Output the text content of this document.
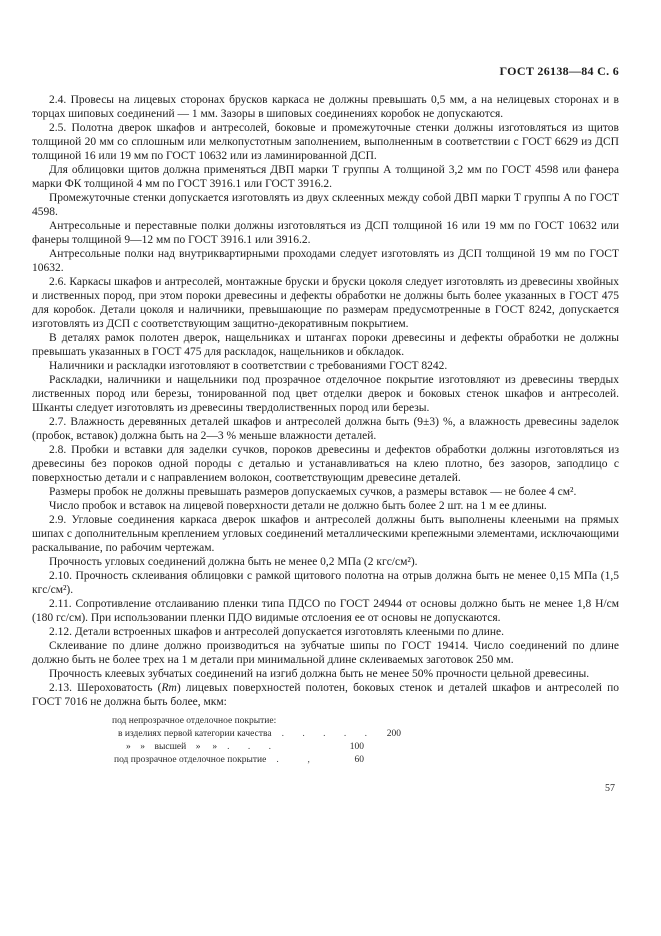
ГОСТ 26138—84 С. 6

2.4. Провесы на лицевых сторонах брусков каркаса не должны превышать 0,5 мм, а на нелицевых сторонах и в торцах шиповых соединений — 1 мм. Зазоры в шиповых соединениях коробок не допускаются.

2.5. Полотна дверок шкафов и антресолей, боковые и промежуточные стенки должны изготовляться из щитов толщиной 20 мм со сплошным или мелкопустотным заполнением, выполненным в соответствии с ГОСТ 6629 из ДСП толщиной 16 или 19 мм по ГОСТ 10632 или из ламинированной ДСП.

Для облицовки щитов должна применяться ДВП марки Т группы А толщиной 3,2 мм по ГОСТ 4598 или фанера марки ФК толщиной 4 мм по ГОСТ 3916.1 или ГОСТ 3916.2.

Промежуточные стенки допускается изготовлять из двух склеенных между собой ДВП марки Т группы А по ГОСТ 4598.

Антресольные и переставные полки должны изготовляться из ДСП толщиной 16 или 19 мм по ГОСТ 10632 или фанеры толщиной 9—12 мм по ГОСТ 3916.1 или 3916.2.

Антресольные полки над внутриквартирными проходами следует изготовлять из ДСП толщиной 19 мм по ГОСТ 10632.

2.6. Каркасы шкафов и антресолей, монтажные бруски и бруски цоколя следует изготовлять из древесины хвойных и лиственных пород, при этом пороки древесины и дефекты обработки не должны быть более указанных в ГОСТ 475 для коробок. Детали цоколя и наличники, превышающие по размерам предусмотренные в ГОСТ 8242, допускается изготовлять из ДСП с соответствующим защитно-декоративным покрытием.

В деталях рамок полотен дверок, нащельниках и штангах пороки древесины и дефекты обработки не должны превышать указанных в ГОСТ 475 для раскладок, нащельников и обкладок.

Наличники и раскладки изготовляют в соответствии с требованиями ГОСТ 8242.

Раскладки, наличники и нащельники под прозрачное отделочное покрытие изготовляют из древесины твердых лиственных пород или березы, тонированной под цвет отделки дверок и боковых стенок шкафов и антресолей. Шканты следует изготовлять из древесины твердолиственных пород или березы.

2.7. Влажность деревянных деталей шкафов и антресолей должна быть (9±3) %, а влажность древесины заделок (пробок, вставок) должна быть на 2—3 % меньше влажности деталей.

2.8. Пробки и вставки для заделки сучков, пороков древесины и дефектов обработки должны изготовляться из древесины без пороков одной породы с деталью и устанавливаться на клею плотно, без зазоров, заподлицо с поверхностью детали и с направлением волокон, соответствующим древесине деталей.

Размеры пробок не должны превышать размеров допускаемых сучков, а размеры вставок — не более 4 см².

Число пробок и вставок на лицевой поверхности детали не должно быть более 2 шт. на 1 м ее длины.

2.9. Угловые соединения каркаса дверок шкафов и антресолей должны быть выполнены клееными на прямых шипах с дополнительным креплением угловых соединений металлическими крепежными элементами, исключающими раскалывание, по рабочим чертежам.

Прочность угловых соединений должна быть не менее 0,2 МПа (2 кгс/см²).

2.10. Прочность склеивания облицовки с рамкой щитового полотна на отрыв должна быть не менее 0,15 МПа (1,5 кгс/см²).

2.11. Сопротивление отслаиванию пленки типа ПДСО по ГОСТ 24944 от основы должно быть не менее 1,8 Н/см (180 гс/см). При использовании пленки ПДО видимые отслоения ее от основы не допускаются.

2.12. Детали встроенных шкафов и антресолей допускается изготовлять клееными по длине.

Склеивание по длине должно производиться на зубчатые шипы по ГОСТ 19414. Число соединений по длине должно быть не более трех на 1 м детали при минимальной длине склеиваемых заготовок 250 мм.

Прочность клеевых зубчатых соединений на изгиб должна быть не менее 50% прочности цельной древесины.

2.13. Шероховатость (Rm) лицевых поверхностей полотен, боковых стенок и деталей шкафов и антресолей по ГОСТ 7016 не должна быть более, мкм:

под непрозрачное отделочное покрытие:
в изделиях первой категории качества . . . . .	200
»    »    высшей    »     » . . .	100
под прозрачное отделочное покрытие .  ,	60
57
